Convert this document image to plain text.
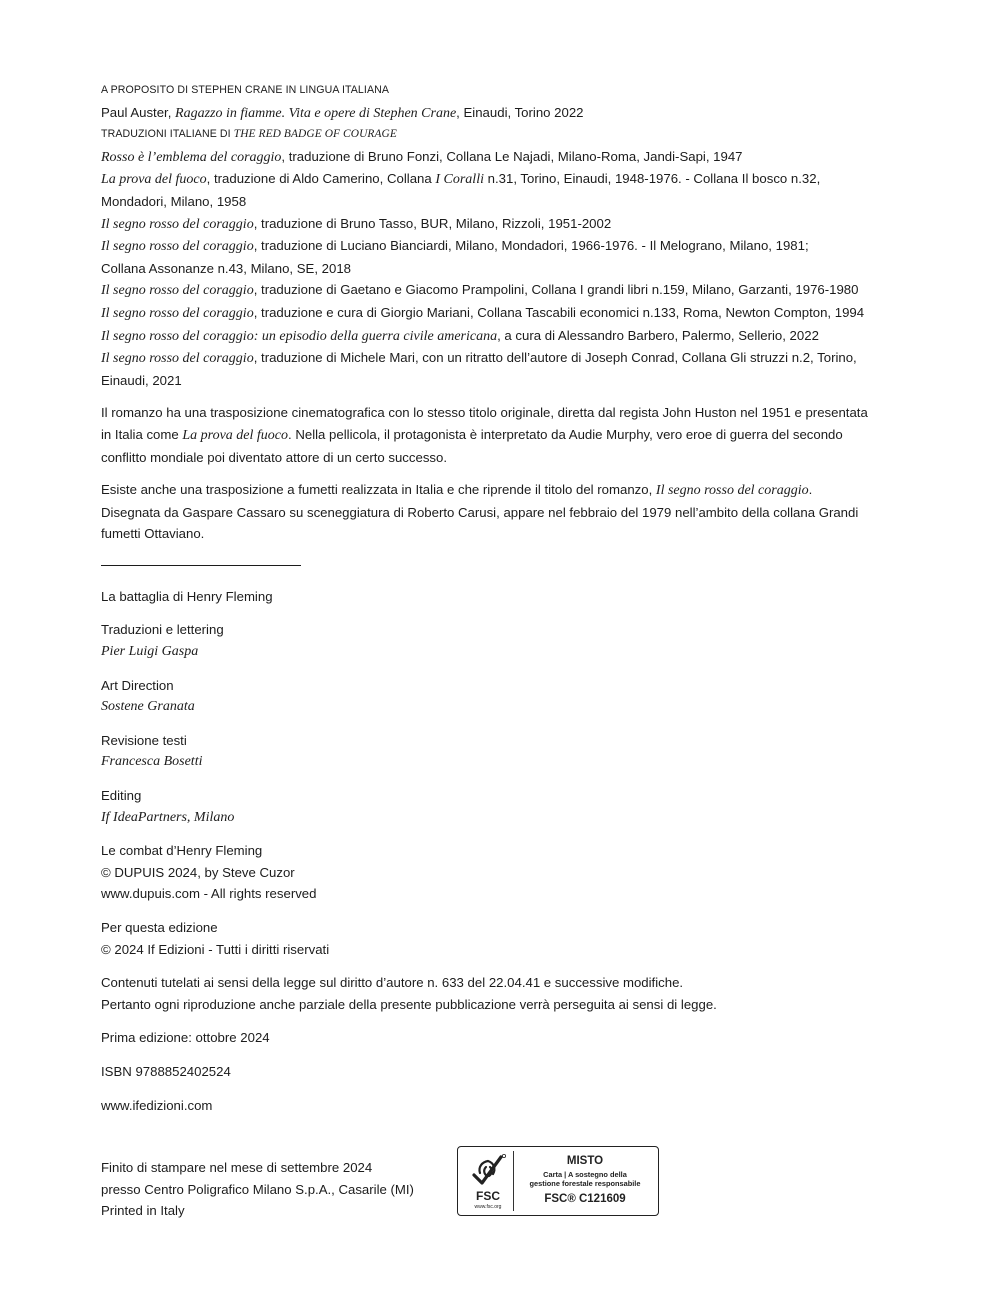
A PROPOSITO DI STEPHEN CRANE IN LINGUA ITALIANA
Paul Auster, Ragazzo in fiamme. Vita e opere di Stephen Crane, Einaudi, Torino 2022
TRADUZIONI ITALIANE DI THE RED BADGE OF COURAGE
Rosso è l’emblema del coraggio, traduzione di Bruno Fonzi, Collana Le Najadi, Milano-Roma, Jandi-Sapi, 1947
La prova del fuoco, traduzione di Aldo Camerino, Collana I Coralli n.31, Torino, Einaudi, 1948-1976. - Collana Il bosco n.32,
Mondadori, Milano, 1958
Il segno rosso del coraggio, traduzione di Bruno Tasso, BUR, Milano, Rizzoli, 1951-2002
Il segno rosso del coraggio, traduzione di Luciano Bianciardi, Milano, Mondadori, 1966-1976. - Il Melograno, Milano, 1981;
Collana Assonanze n.43, Milano, SE, 2018
Il segno rosso del coraggio, traduzione di Gaetano e Giacomo Prampolini, Collana I grandi libri n.159, Milano, Garzanti, 1976-1980
Il segno rosso del coraggio, traduzione e cura di Giorgio Mariani, Collana Tascabili economici n.133, Roma, Newton Compton, 1994
Il segno rosso del coraggio: un episodio della guerra civile americana, a cura di Alessandro Barbero, Palermo, Sellerio, 2022
Il segno rosso del coraggio, traduzione di Michele Mari, con un ritratto dell’autore di Joseph Conrad, Collana Gli struzzi n.2, Torino,
Einaudi, 2021
Il romanzo ha una trasposizione cinematografica con lo stesso titolo originale, diretta dal regista John Huston nel 1951 e presentata
in Italia come La prova del fuoco. Nella pellicola, il protagonista è interpretato da Audie Murphy, vero eroe di guerra del secondo
conflitto mondiale poi diventato attore di un certo successo.
Esiste anche una trasposizione a fumetti realizzata in Italia e che riprende il titolo del romanzo, Il segno rosso del coraggio.
Disegnata da Gaspare Cassaro su sceneggiatura di Roberto Carusi, appare nel febbraio del 1979 nell’ambito della collana Grandi
fumetti Ottaviano.
La battaglia di Henry Fleming
Traduzioni e lettering
Pier Luigi Gaspa
Art Direction
Sostene Granata
Revisione testi
Francesca Bosetti
Editing
If IdeaPartners, Milano
Le combat d’Henry Fleming
© DUPUIS 2024, by Steve Cuzor
www.dupuis.com - All rights reserved
Per questa edizione
© 2024 If Edizioni - Tutti i diritti riservati
Contenuti tutelati ai sensi della legge sul diritto d’autore n. 633 del 22.04.41 e successive modifiche.
Pertanto ogni riproduzione anche parziale della presente pubblicazione verrà perseguita ai sensi di legge.
Prima edizione: ottobre 2024
ISBN 9788852402524
www.ifedizioni.com
Finito di stampare nel mese di settembre 2024
presso Centro Poligrafico Milano S.p.A., Casarile (MI)
Printed in Italy
FSC
www.fsc.org
MISTO
Carta | A sostegno della
gestione forestale responsabile
FSC® C121609
